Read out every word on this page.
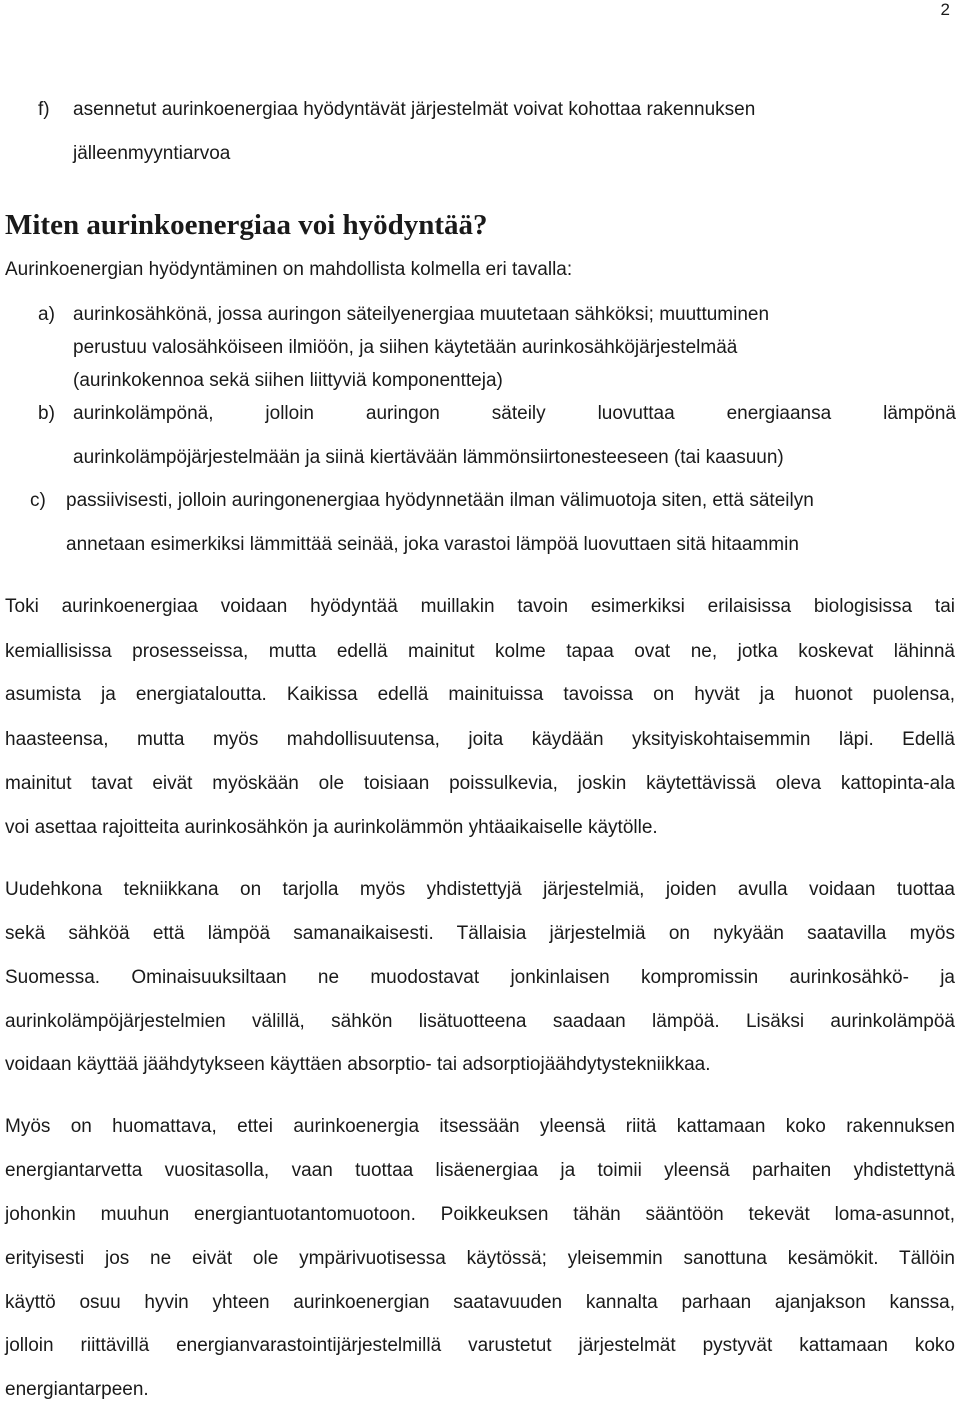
2
f) asennetut aurinkoenergiaa hyödyntävät järjestelmät voivat kohottaa rakennuksen
jälleenmyyntiarvoa
Miten aurinkoenergiaa voi hyödyntää?
Aurinkoenergian hyödyntäminen on mahdollista kolmella eri tavalla:
a) aurinkosähkönä, jossa auringon säteilyenergiaa muutetaan sähköksi; muuttuminen
perustuu valosähköiseen ilmiöön, ja siihen käytetään aurinkosähköjärjestelmää
(aurinkokennoa sekä siihen liittyviä komponentteja)
b) aurinkolämpönä, jolloin auringon säteily luovuttaa energiaansa lämpönä
aurinkolämpöjärjestelmään ja siinä kiertävään lämmönsiirtonesteeseen (tai kaasuun)
c) passiivisesti, jolloin auringonenergiaa hyödynnetään ilman välimuotoja siten, että säteilyn
annetaan esimerkiksi lämmittää seinää, joka varastoi lämpöä luovuttaen sitä hitaammin
Toki aurinkoenergiaa voidaan hyödyntää muillakin tavoin esimerkiksi erilaisissa biologisissa tai
kemiallisissa prosesseissa, mutta edellä mainitut kolme tapaa ovat ne, jotka koskevat lähinnä
asumista ja energiataloutta. Kaikissa edellä mainituissa tavoissa on hyvät ja huonot puolensa,
haasteensa, mutta myös mahdollisuutensa, joita käydään yksityiskohtaisemmin läpi. Edellä
mainitut tavat eivät myöskään ole toisiaan poissulkevia, joskin käytettävissä oleva kattopinta-ala
voi asettaa rajoitteita aurinkosähkön ja aurinkolämmön yhtäaikaiselle käytölle.
Uudehkona tekniikkana on tarjolla myös yhdistettyjä järjestelmiä, joiden avulla voidaan tuottaa
sekä sähköä että lämpöä samanaikaisesti. Tällaisia järjestelmiä on nykyään saatavilla myös
Suomessa. Ominaisuuksiltaan ne muodostavat jonkinlaisen kompromissin aurinkosähkö- ja
aurinkolämpöjärjestelmien välillä, sähkön lisätuotteena saadaan lämpöä. Lisäksi aurinkolämpöä
voidaan käyttää jäähdytykseen käyttäen absorptio- tai adsorptiojäähdytystekniikkaa.
Myös on huomattava, ettei aurinkoenergia itsessään yleensä riitä kattamaan koko rakennuksen
energiantarvetta vuositasolla, vaan tuottaa lisäenergiaa ja toimii yleensä parhaiten yhdistettynä
johonkin muuhun energiantuotantomuotoon. Poikkeuksen tähän sääntöön tekevät loma-asunnot,
erityisesti jos ne eivät ole ympärivuotisessa käytössä; yleisemmin sanottuna kesämökit. Tällöin
käyttö osuu hyvin yhteen aurinkoenergian saatavuuden kannalta parhaan ajanjakson kanssa,
jolloin riittävillä energianvarastointijärjestelmillä varustetut järjestelmät pystyvät kattamaan koko
energiantarpeen.
